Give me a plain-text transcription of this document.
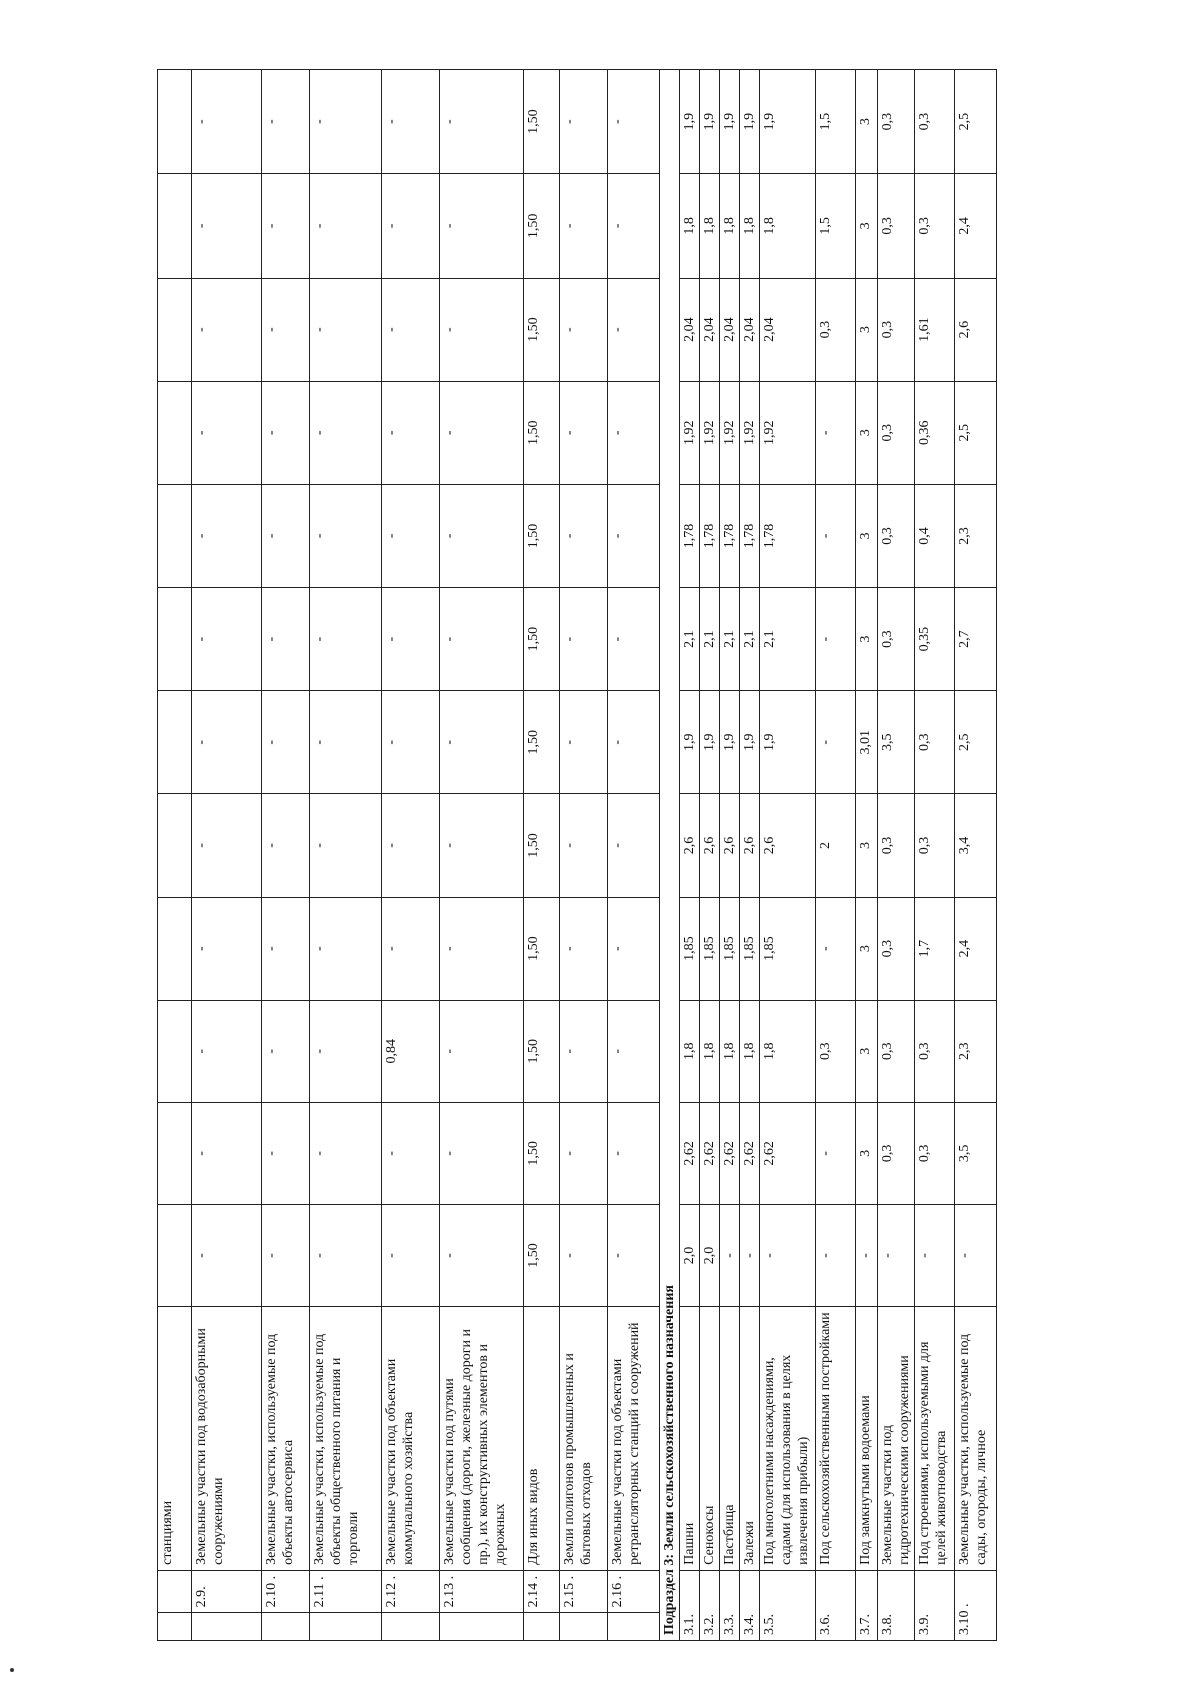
		станциями												
	2.9.	Земельные участки под водозаборными сооружениями	-	-	-	-	-	-	-	-	-	-	-	-
	2.10 .	Земельные участки, используемые под объекты автосервиса	-	-	-	-	-	-	-	-	-	-	-	-
	2.11 .	Земельные участки, используемые под объекты общественного питания и торговли	-	-	-	-	-	-	-	-	-	-	-	-
	2.12 .	Земельные участки под объектами коммунального хозяйства	-	-	0,84	-	-	-	-	-	-	-	-	-
	2.13 .	Земельные участки под путями сообщения (дороги, железные дороги и пр.), их конструктивных элементов и дорожных	-	-	-	-	-	-	-	-	-	-	-	-
	2.14 .	Для иных видов	1,50	1,50	1,50	1,50	1,50	1,50	1,50	1,50	1,50	1,50	1,50	1,50
	2.15 .	Земли полигонов промышленных и бытовых отходов	-	-	-	-	-	-	-	-	-	-	-	-
	2.16 .	Земельные участки под объектами ретрансляторных станций и сооружений	-	-	-	-	-	-	-	-	-	-	-	-
Подраздел 3: Земли сельскохозяйственного назначения														
3.1.		Пашни	2,0	2,62	1,8	1,85	2,6	1,9	2,1	1,78	1,92	2,04	1,8	1,9
3.2.		Сенокосы	2,0	2,62	1,8	1,85	2,6	1,9	2,1	1,78	1,92	2,04	1,8	1,9
3.3.		Пастбища	-	2,62	1,8	1,85	2,6	1,9	2,1	1,78	1,92	2,04	1,8	1,9
3.4.		Залежи	-	2,62	1,8	1,85	2,6	1,9	2,1	1,78	1,92	2,04	1,8	1,9
3.5.		Под многолетними насаждениями, садами (для использования в целях извлечения прибыли)	-	2,62	1,8	1,85	2,6	1,9	2,1	1,78	1,92	2,04	1,8	1,9
3.6.		Под сельскохозяйственными постройками	-	-	0,3	-	2	-	-	-	-	0,3	1,5	1,5
3.7.		Под замкнутыми водоемами	-	3	3	3	3	3,01	3	3	3	3	3	3
3.8.		Земельные участки под гидротехническими сооружениями	-	0,3	0,3	0,3	0,3	3,5	0,3	0,3	0,3	0,3	0,3	0,3
3.9.		Под строениями, используемыми для целей животноводства	-	0,3	0,3	1,7	0,3	0,3	0,35	0,4	0,36	1,61	0,3	0,3
3.10 .		Земельные участки, используемые под сады, огороды, личное	-	3,5	2,3	2,4	3,4	2,5	2,7	2,3	2,5	2,6	2,4	2,5
